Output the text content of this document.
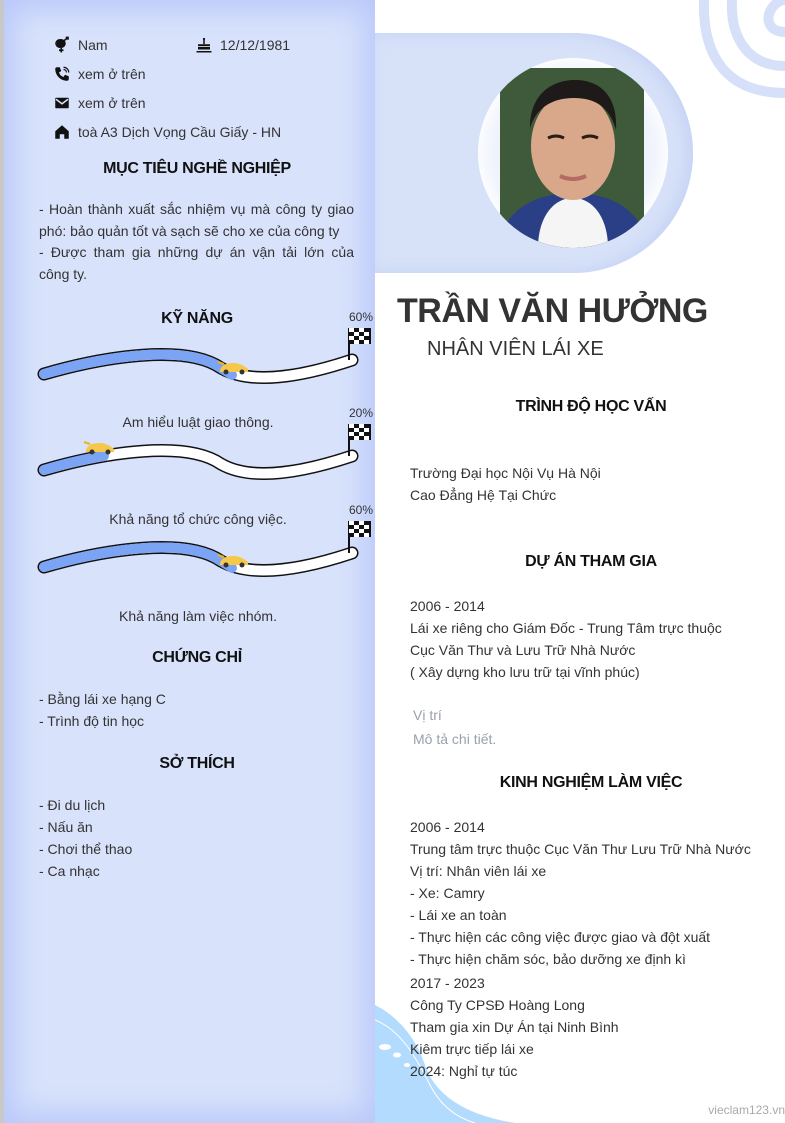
Nam	12/12/1981
xem ở trên
xem ở trên
toà A3 Dịch Vọng Cầu Giấy - HN
MỤC TIÊU NGHỀ NGHIỆP
- Hoàn thành xuất sắc nhiệm vụ mà công ty giao phó: bảo quản tốt và sạch sẽ cho xe của công ty
- Được tham gia những dự án vận tải lớn của công ty.
KỸ NĂNG	60%
Am hiểu luật giao thông.
20%
Khả năng tổ chức công việc.
60%
Khả năng làm việc nhóm.
CHỨNG CHỈ
- Bằng lái xe hạng C
- Trình độ tin học
SỞ THÍCH
- Đi du lịch
- Nấu ăn
- Chơi thể thao
- Ca nhạc
TRẦN VĂN HƯỞNG
NHÂN VIÊN LÁI XE
TRÌNH ĐỘ HỌC VẤN
Trường Đại học Nội Vụ Hà Nội
Cao Đẳng Hệ Tại Chức
DỰ ÁN THAM GIA
2006 - 2014
Lái xe riêng cho Giám Đốc - Trung Tâm trực thuộc
Cục Văn Thư và Lưu Trữ Nhà Nước
( Xây dựng kho lưu trữ tại vĩnh phúc)
Vị trí
Mô tả chi tiết.
KINH NGHIỆM LÀM VIỆC
2006 - 2014
Trung tâm trực thuộc Cục Văn Thư Lưu Trữ Nhà Nước
Vị trí: Nhân viên lái xe
- Xe: Camry
- Lái xe an toàn
- Thực hiện các công việc được giao và đột xuất
- Thực hiện chăm sóc, bảo dưỡng xe định kì
2017 - 2023
Công Ty CPSĐ Hoàng Long
Tham gia xin Dự Án tại Ninh Bình
Kiêm trực tiếp lái xe
2024: Nghỉ tự túc
vieclam123.vn
